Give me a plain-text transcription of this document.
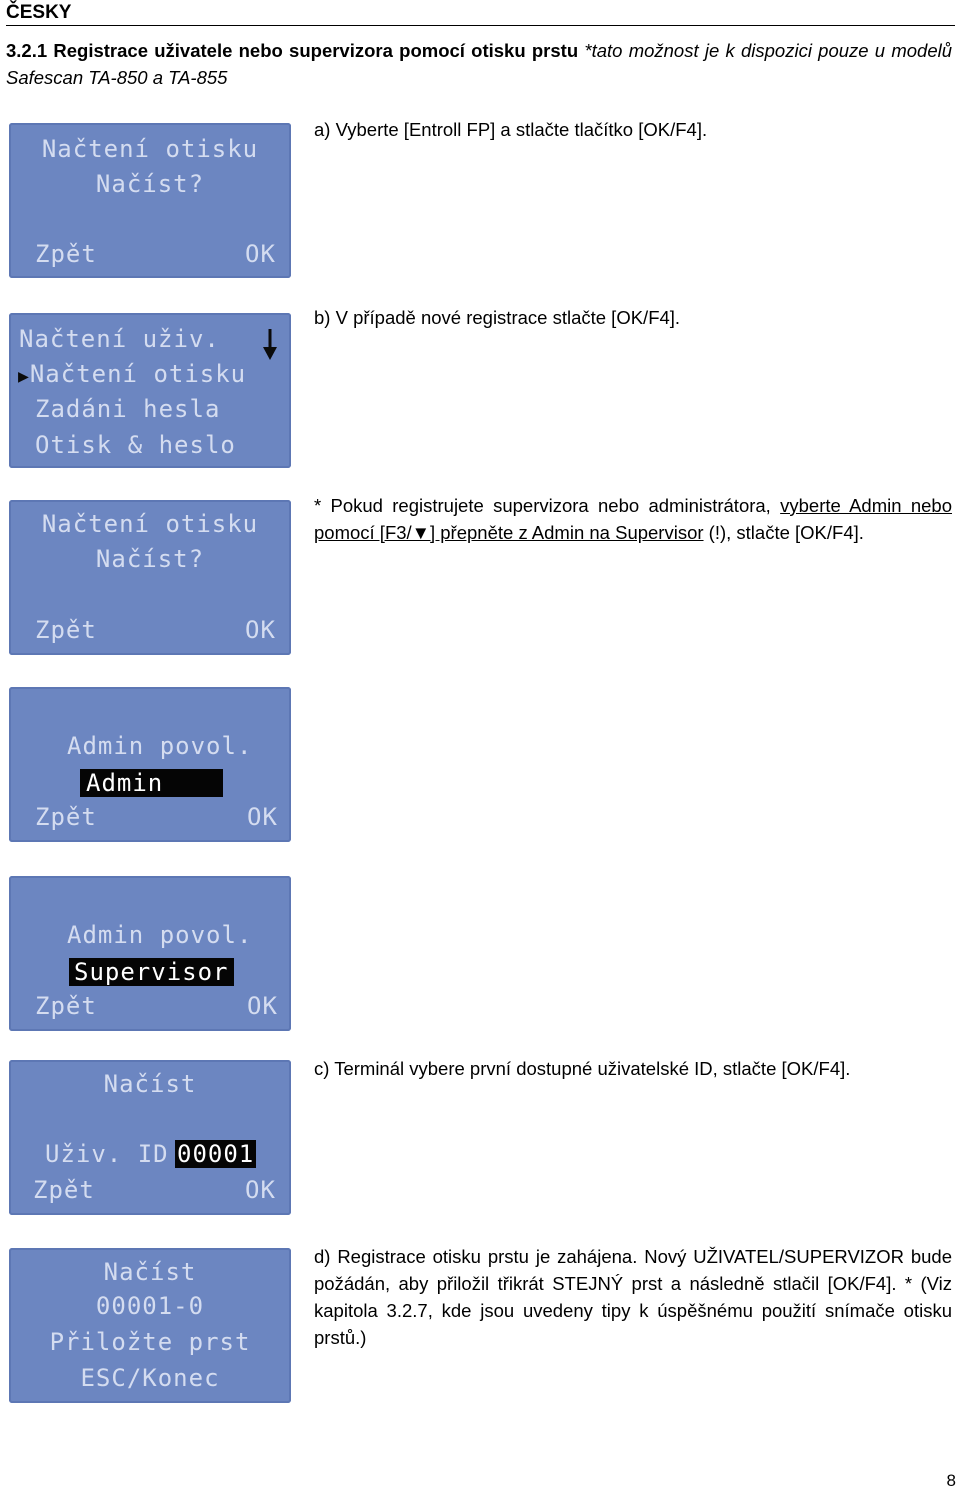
ČESKY
3.2.1 Registrace uživatele nebo supervizora pomocí otisku prstu *tato možnost je k dispozici pouze u modelů Safescan TA-850 a TA-855
Načtení otisku
Načíst?
Zpět	OK
a) Vyberte [Entroll FP] a stlačte tlačítko [OK/F4].
Načtení uživ.
▶Načtení otisku
Zadáni hesla
Otisk & heslo
b) V případě nové registrace stlačte [OK/F4].
Načtení otisku
Načíst?
Zpět	OK
* Pokud registrujete supervizora nebo administrátora, vyberte Admin nebo pomocí [F3/▼] přepněte z Admin na Supervisor (!), stlačte [OK/F4].
Admin povol.
Admin
Zpět	OK
Admin povol.
Supervisor
Zpět	OK
Načíst
Uživ. ID 00001
Zpět	OK
c) Terminál vybere první dostupné uživatelské ID, stlačte [OK/F4].
Načíst
00001-0
Přiložte prst
ESC/Konec
d) Registrace otisku prstu je zahájena. Nový UŽIVATEL/SUPERVIZOR bude požádán, aby přiložil třikrát STEJNÝ prst a následně stlačil [OK/F4]. * (Viz kapitola 3.2.7, kde jsou uvedeny tipy k úspěšnému použití snímače otisku prstů.)
8
